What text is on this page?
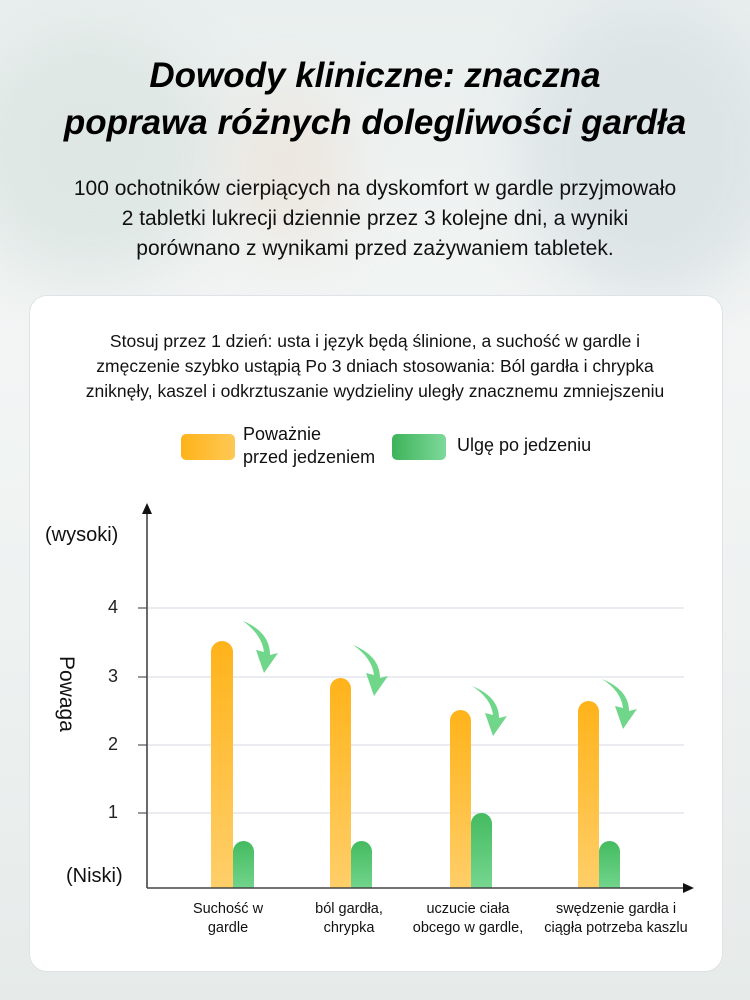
Dowody kliniczne: znaczna
poprawa różnych dolegliwości gardła
100 ochotników cierpiących na dyskomfort w gardle przyjmowało
2 tabletki lukrecji dziennie przez 3 kolejne dni, a wyniki
porównano z wynikami przed zażywaniem tabletek.
Stosuj przez 1 dzień: usta i język będą ślinione, a suchość w gardle i
zmęczenie szybko ustąpią Po 3 dniach stosowania: Ból gardła i chrypka
zniknęły, kaszel i odkrztuszanie wydzieliny uległy znacznemu zmniejszeniu
Poważnie
przed jedzeniem
Ulgę po jedzeniu
(wysoki)
(Niski)
Powaga
1
2
3
4
Suchość w
gardle
ból gardła,
chrypka
uczucie ciała
obcego w gardle,
swędzenie gardła i
ciągła potrzeba kaszlu
